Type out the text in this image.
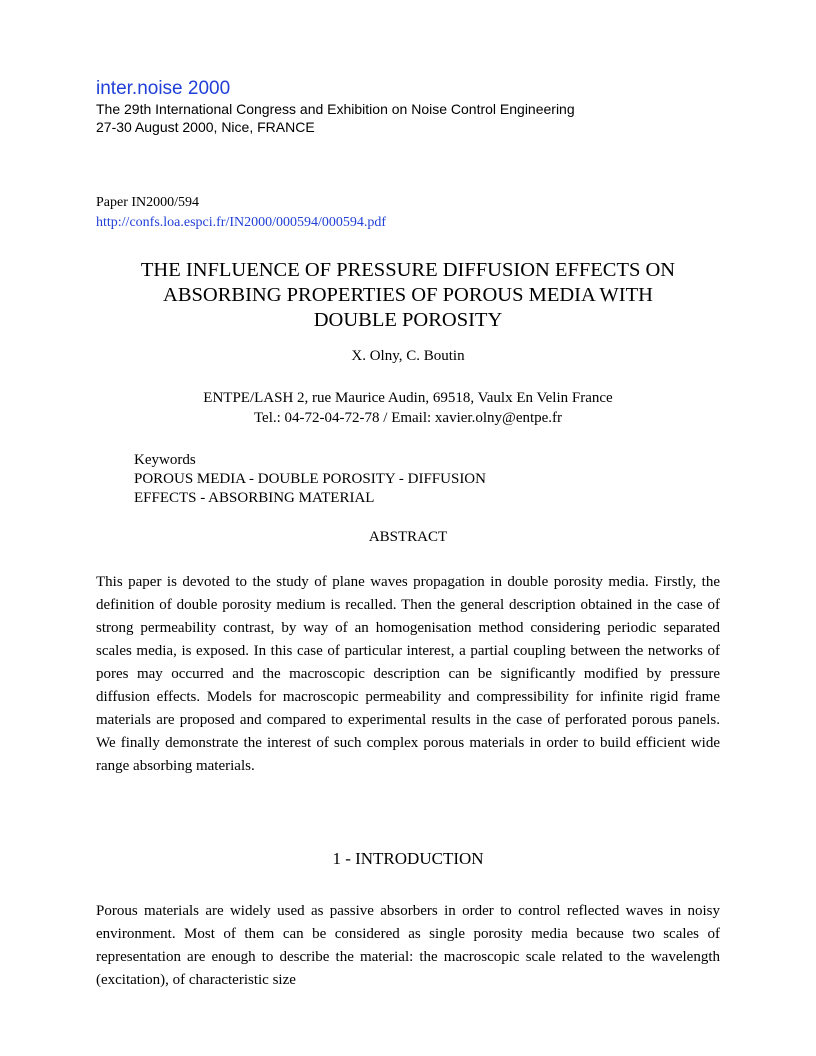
inter.noise 2000
The 29th International Congress and Exhibition on Noise Control Engineering
27-30 August 2000, Nice, FRANCE
Paper IN2000/594
http://confs.loa.espci.fr/IN2000/000594/000594.pdf
THE INFLUENCE OF PRESSURE DIFFUSION EFFECTS ON
ABSORBING PROPERTIES OF POROUS MEDIA WITH
DOUBLE POROSITY
X. Olny, C. Boutin
ENTPE/LASH 2, rue Maurice Audin, 69518, Vaulx En Velin France
Tel.: 04-72-04-72-78 / Email: xavier.olny@entpe.fr
Keywords
POROUS MEDIA - DOUBLE POROSITY - DIFFUSION
EFFECTS - ABSORBING MATERIAL
ABSTRACT

This paper is devoted to the study of plane waves propagation in double porosity media. Firstly, the definition of double porosity medium is recalled. Then the general description obtained in the case of strong permeability contrast, by way of an homogenisation method considering periodic separated scales media, is exposed. In this case of particular interest, a partial coupling between the networks of pores may occurred and the macroscopic description can be significantly modified by pressure diffusion effects. Models for macroscopic permeability and compressibility for infinite rigid frame materials are proposed and compared to experimental results in the case of perforated porous panels. We finally demonstrate the interest of such complex porous materials in order to build efficient wide range absorbing materials.

1 - INTRODUCTION

Porous materials are widely used as passive absorbers in order to control reflected waves in noisy environment. Most of them can be considered as single porosity media because two scales of representation are enough to describe the material: the macroscopic scale related to the wavelength (excitation), of characteristic size
